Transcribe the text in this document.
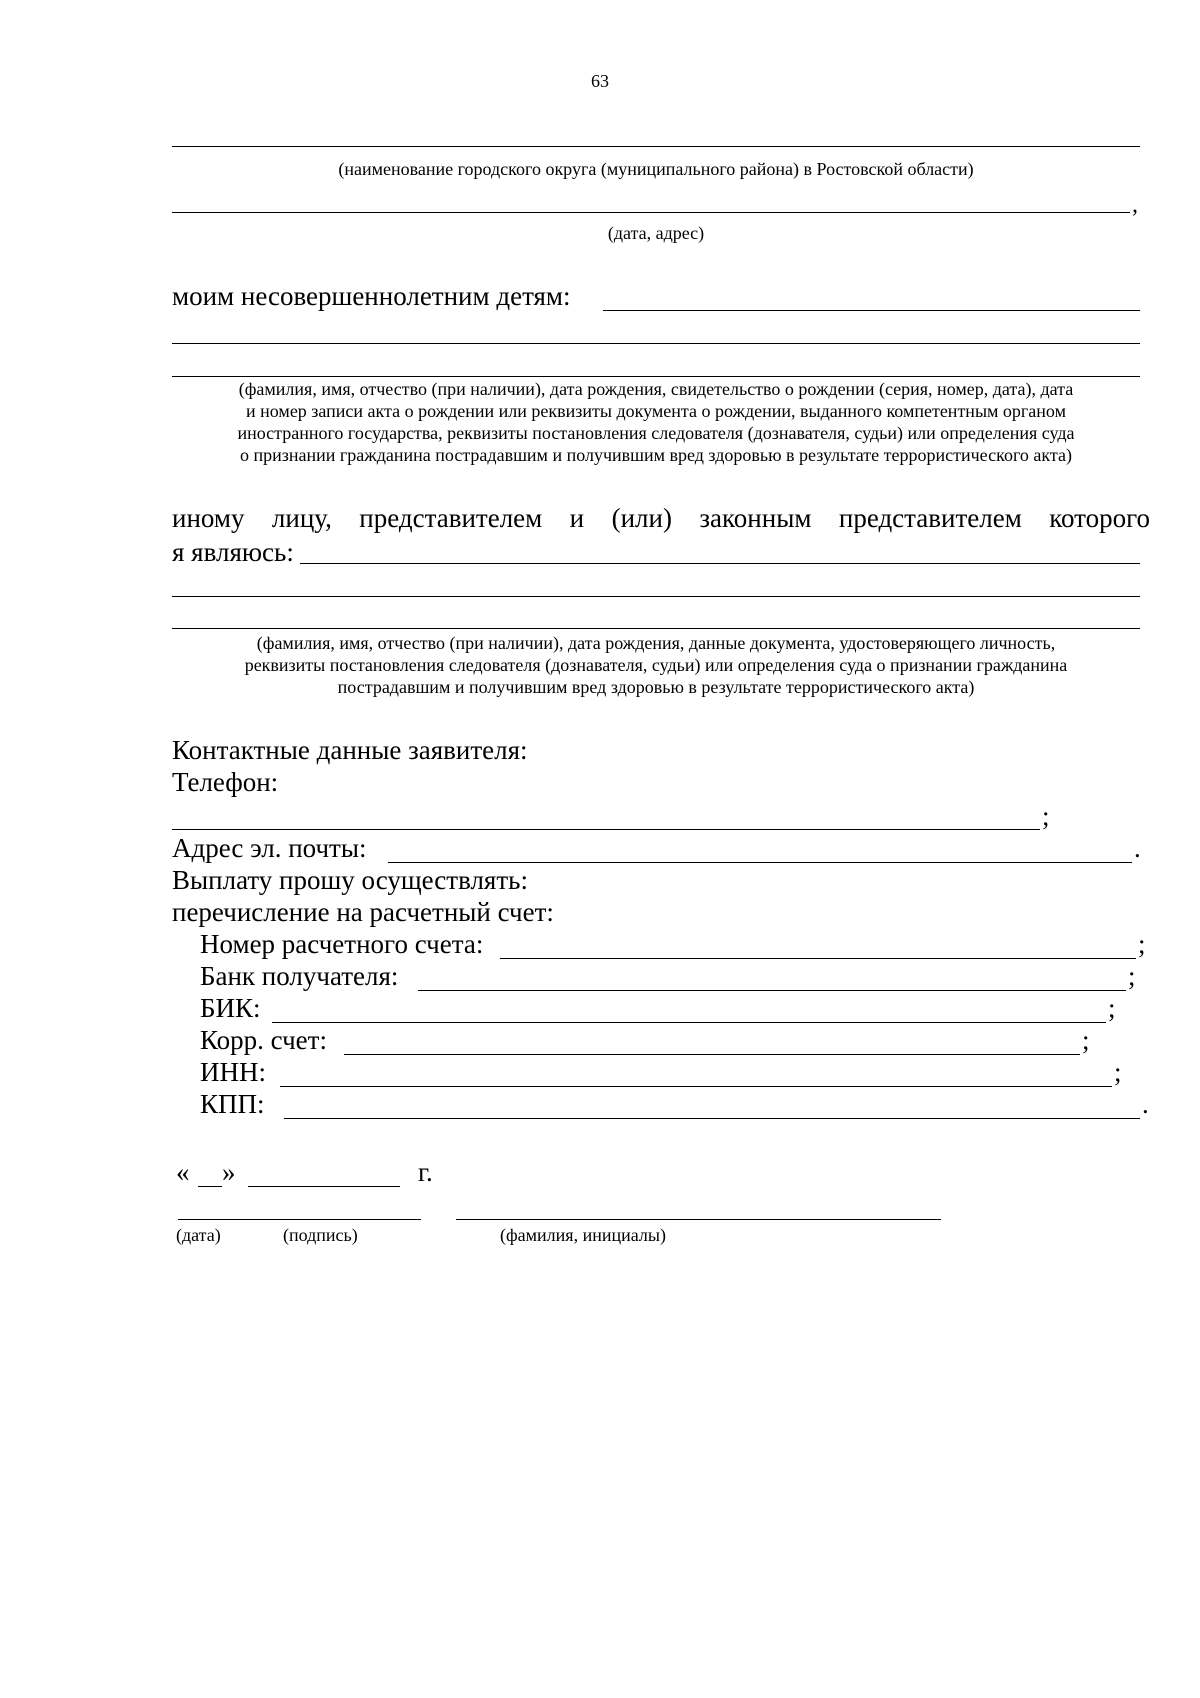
63
(наименование городского округа (муниципального района) в Ростовской области)
,
(дата, адрес)
моим несовершеннолетним детям:
(фамилия, имя, отчество (при наличии), дата рождения, свидетельство о рождении (серия, номер, дата), дата
и номер записи акта о рождении или реквизиты документа о рождении, выданного компетентным органом
иностранного государства, реквизиты постановления следователя (дознавателя, судьи) или определения суда
о признании гражданина пострадавшим и получившим вред здоровью в результате террористического акта)
иному лицу, представителем и (или) законным представителем которого
я являюсь:
(фамилия, имя, отчество (при наличии), дата рождения, данные документа, удостоверяющего личность,
реквизиты постановления следователя (дознавателя, судьи) или определения суда о признании гражданина
пострадавшим и получившим вред здоровью в результате террористического акта)
Контактные данные заявителя:
Телефон:
;
Адрес эл. почты:	.
Выплату прошу осуществлять:
перечисление на расчетный счет:
Номер расчетного счета:	;
Банк получателя:	;
БИК:	;
Корр. счет:	;
ИНН:	;
КПП:	.
« »	г.
(дата)	(подпись)	(фамилия, инициалы)
